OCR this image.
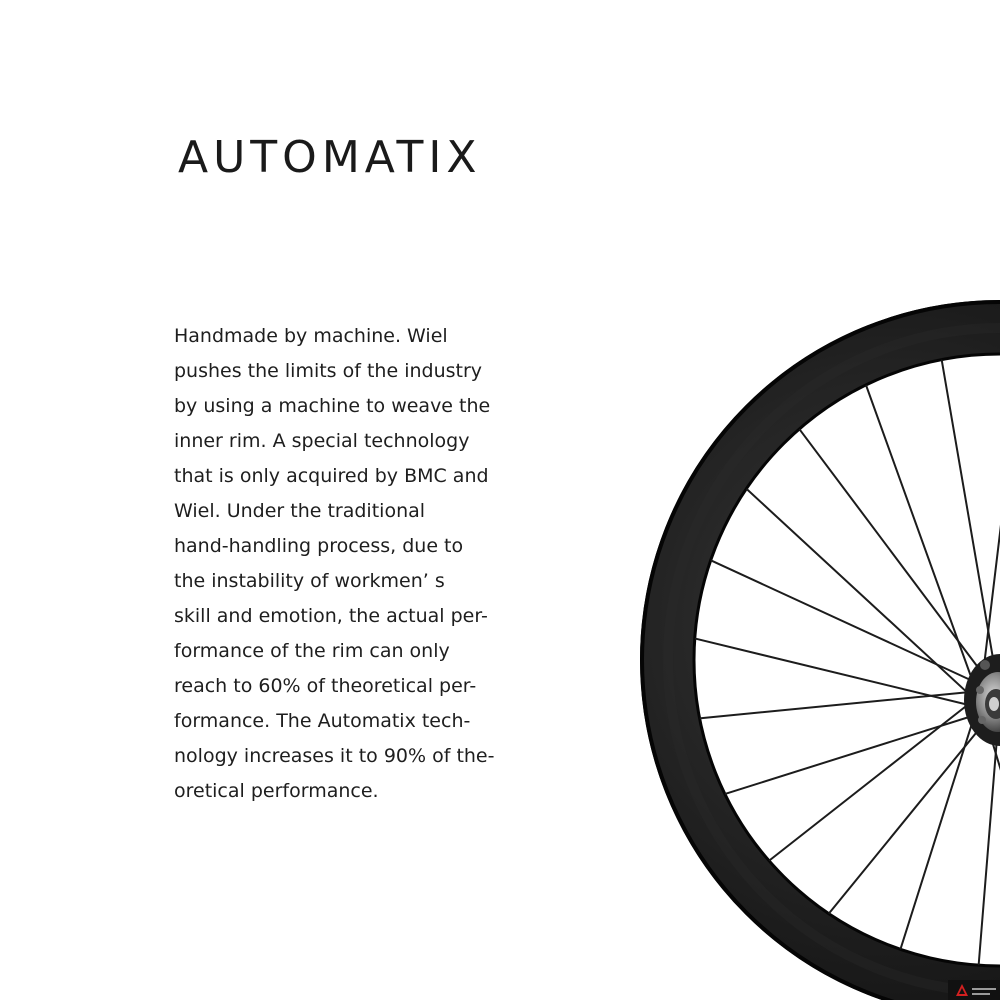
AUTOMATIX
Handmade by machine. Wiel
pushes the limits of the industry
by using a machine to weave the
inner rim. A special technology
that is only acquired by BMC and
Wiel. Under the traditional
hand-handling process, due to
the instability of workmen’ s
skill and emotion, the actual per-
formance of the rim can only
reach to 60% of theoretical per-
formance. The Automatix tech-
nology increases it to 90% of the-
oretical performance.
